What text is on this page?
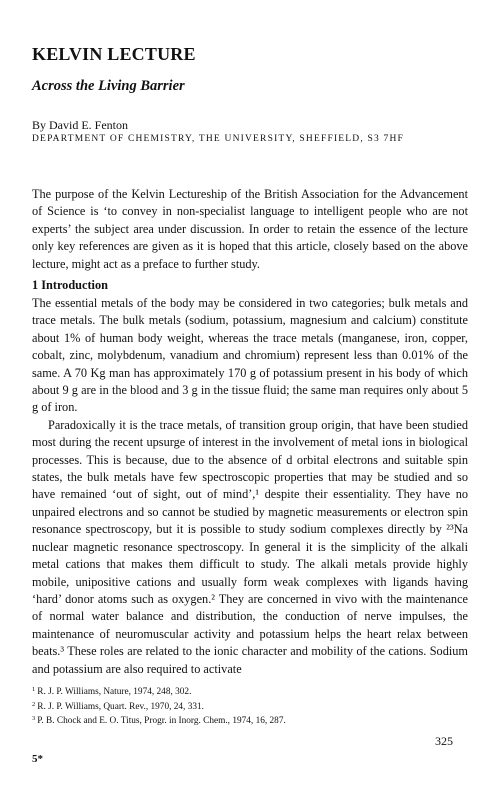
KELVIN LECTURE
Across the Living Barrier
By David E. Fenton
DEPARTMENT OF CHEMISTRY, THE UNIVERSITY, SHEFFIELD, S3 7HF
The purpose of the Kelvin Lectureship of the British Association for the Advancement of Science is ‘to convey in non-specialist language to intelligent people who are not experts’ the subject area under discussion. In order to retain the essence of the lecture only key references are given as it is hoped that this article, closely based on the above lecture, might act as a preface to further study.
1 Introduction

The essential metals of the body may be considered in two categories; bulk metals and trace metals. The bulk metals (sodium, potassium, magnesium and calcium) constitute about 1% of human body weight, whereas the trace metals (manganese, iron, copper, cobalt, zinc, molybdenum, vanadium and chromium) represent less than 0.01% of the same. A 70 Kg man has approximately 170 g of potassium present in his body of which about 9 g are in the blood and 3 g in the tissue fluid; the same man requires only about 5 g of iron.

Paradoxically it is the trace metals, of transition group origin, that have been studied most during the recent upsurge of interest in the involvement of metal ions in biological processes. This is because, due to the absence of d orbital electrons and suitable spin states, the bulk metals have few spectroscopic properties that may be studied and so have remained ‘out of sight, out of mind’,¹ despite their essentiality. They have no unpaired electrons and so cannot be studied by magnetic measurements or electron spin resonance spectroscopy, but it is possible to study sodium complexes directly by ²³Na nuclear magnetic resonance spectroscopy. In general it is the simplicity of the alkali metal cations that makes them difficult to study. The alkali metals provide highly mobile, unipositive cations and usually form weak complexes with ligands having ‘hard’ donor atoms such as oxygen.² They are concerned in vivo with the maintenance of normal water balance and distribution, the conduction of nerve impulses, the maintenance of neuromuscular activity and potassium helps the heart relax between beats.³ These roles are related to the ionic character and mobility of the cations. Sodium and potassium are also required to activate

$^1$ R. J. P. Williams, Nature, 1974, 248, 302.
$^2$ R. J. P. Williams, Quart. Rev., 1970, 24, 331.
$^3$ P. B. Chock and E. O. Titus, Progr. in Inorg. Chem., 1974, 16, 287.
325
5*
